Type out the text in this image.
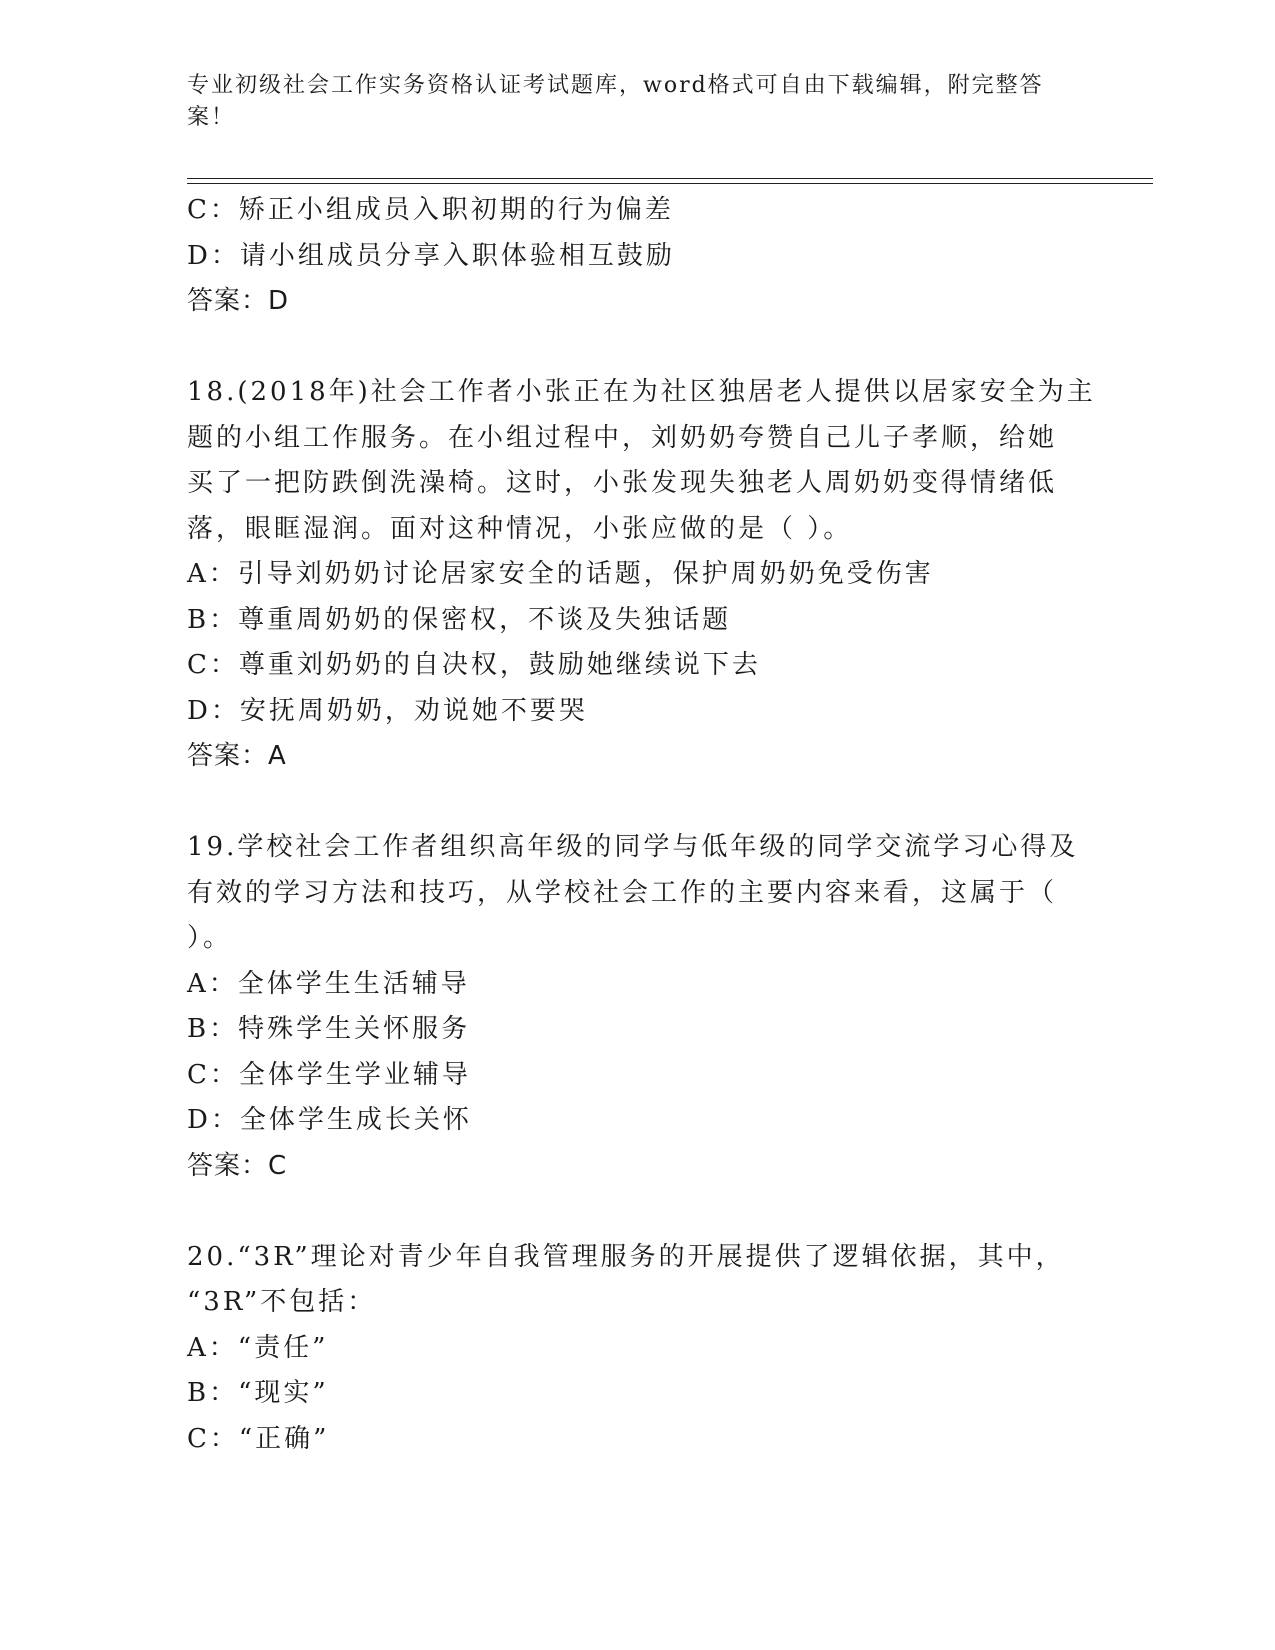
专业初级社会工作实务资格认证考试题库，word格式可自由下载编辑，附完整答案！
C：矫正小组成员入职初期的行为偏差
D：请小组成员分享入职体验相互鼓励
答案：D
18.(2018年)社会工作者小张正在为社区独居老人提供以居家安全为主
题的小组工作服务。在小组过程中，刘奶奶夸赞自己儿子孝顺，给她
买了一把防跌倒洗澡椅。这时，小张发现失独老人周奶奶变得情绪低
落，眼眶湿润。面对这种情况，小张应做的是（ ）。
A：引导刘奶奶讨论居家安全的话题，保护周奶奶免受伤害
B：尊重周奶奶的保密权，不谈及失独话题
C：尊重刘奶奶的自决权，鼓励她继续说下去
D：安抚周奶奶，劝说她不要哭
答案：A
19.学校社会工作者组织高年级的同学与低年级的同学交流学习心得及
有效的学习方法和技巧，从学校社会工作的主要内容来看，这属于（
）。
A：全体学生生活辅导
B：特殊学生关怀服务
C：全体学生学业辅导
D：全体学生成长关怀
答案：C
20.“3R”理论对青少年自我管理服务的开展提供了逻辑依据，其中，
“3R”不包括：
A：“责任”
B：“现实”
C：“正确”
